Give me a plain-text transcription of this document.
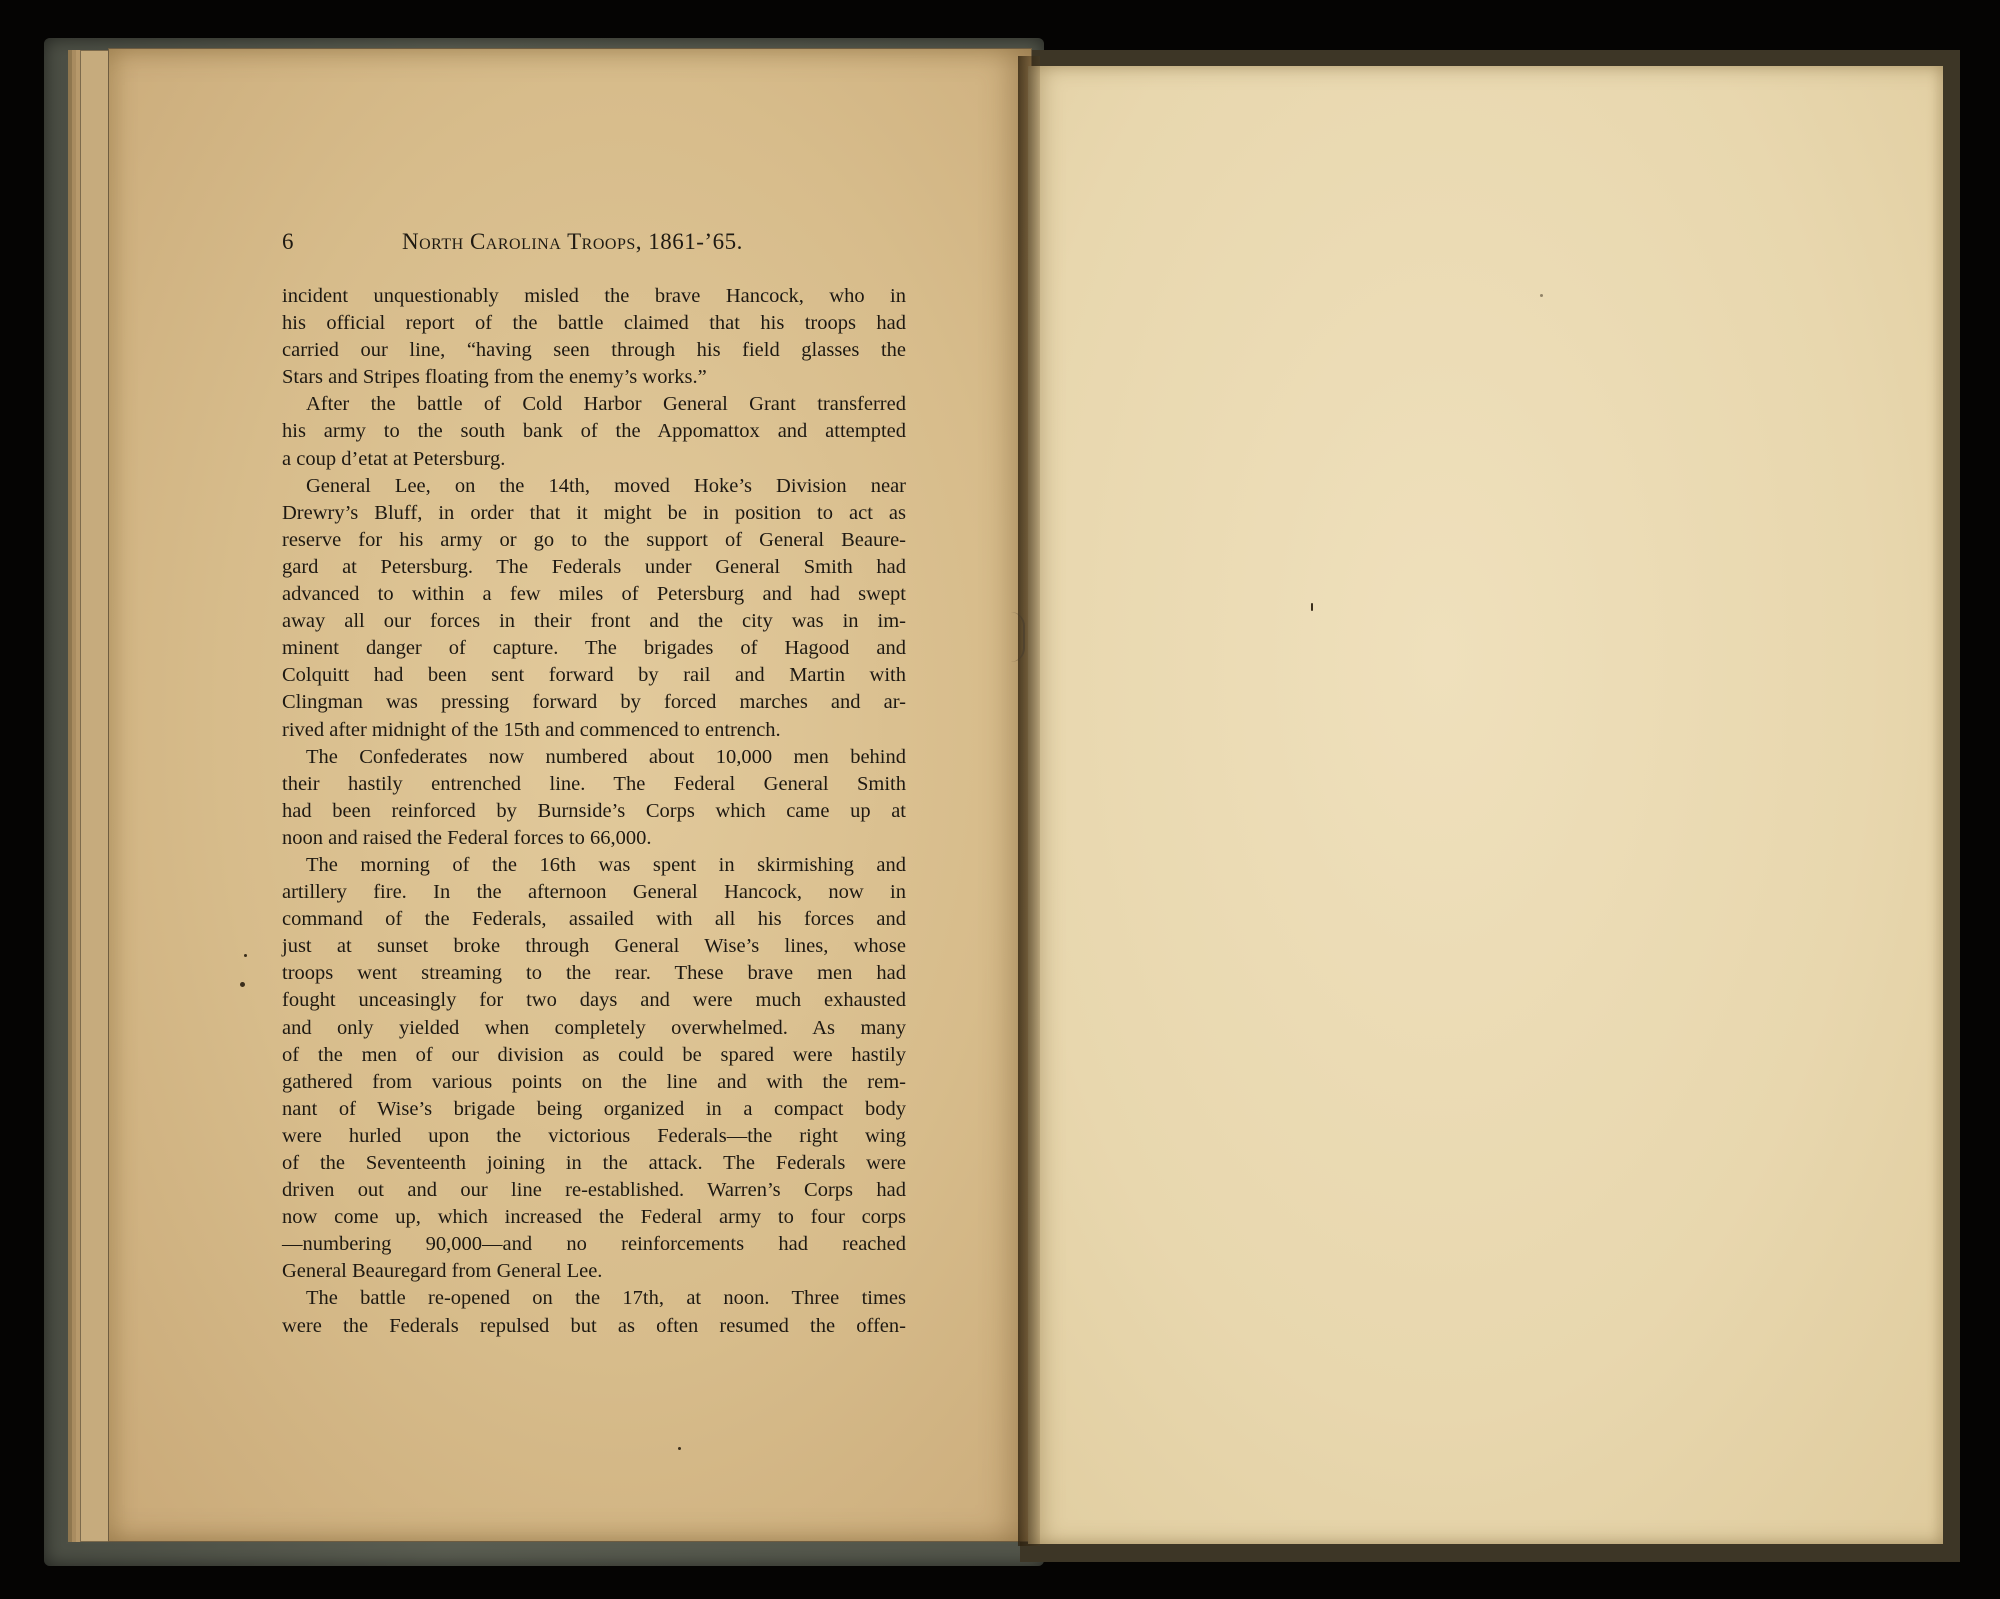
6	North Carolina Troops, 1861-’65.
incident unquestionably misled the brave Hancock, who in
his official report of the battle claimed that his troops had
carried our line, “having seen through his field glasses the
Stars and Stripes floating from the enemy’s works.”
After the battle of Cold Harbor General Grant transferred
his army to the south bank of the Appomattox and attempted
a coup d’etat at Petersburg.
General Lee, on the 14th, moved Hoke’s Division near
Drewry’s Bluff, in order that it might be in position to act as
reserve for his army or go to the support of General Beaure-
gard at Petersburg. The Federals under General Smith had
advanced to within a few miles of Petersburg and had swept
away all our forces in their front and the city was in im-
minent danger of capture. The brigades of Hagood and
Colquitt had been sent forward by rail and Martin with
Clingman was pressing forward by forced marches and ar-
rived after midnight of the 15th and commenced to entrench.
The Confederates now numbered about 10,000 men behind
their hastily entrenched line. The Federal General Smith
had been reinforced by Burnside’s Corps which came up at
noon and raised the Federal forces to 66,000.
The morning of the 16th was spent in skirmishing and
artillery fire. In the afternoon General Hancock, now in
command of the Federals, assailed with all his forces and
just at sunset broke through General Wise’s lines, whose
troops went streaming to the rear. These brave men had
fought unceasingly for two days and were much exhausted
and only yielded when completely overwhelmed. As many
of the men of our division as could be spared were hastily
gathered from various points on the line and with the rem-
nant of Wise’s brigade being organized in a compact body
were hurled upon the victorious Federals—the right wing
of the Seventeenth joining in the attack. The Federals were
driven out and our line re-established. Warren’s Corps had
now come up, which increased the Federal army to four corps
—numbering 90,000—and no reinforcements had reached
General Beauregard from General Lee.
The battle re-opened on the 17th, at noon. Three times
were the Federals repulsed but as often resumed the offen-
